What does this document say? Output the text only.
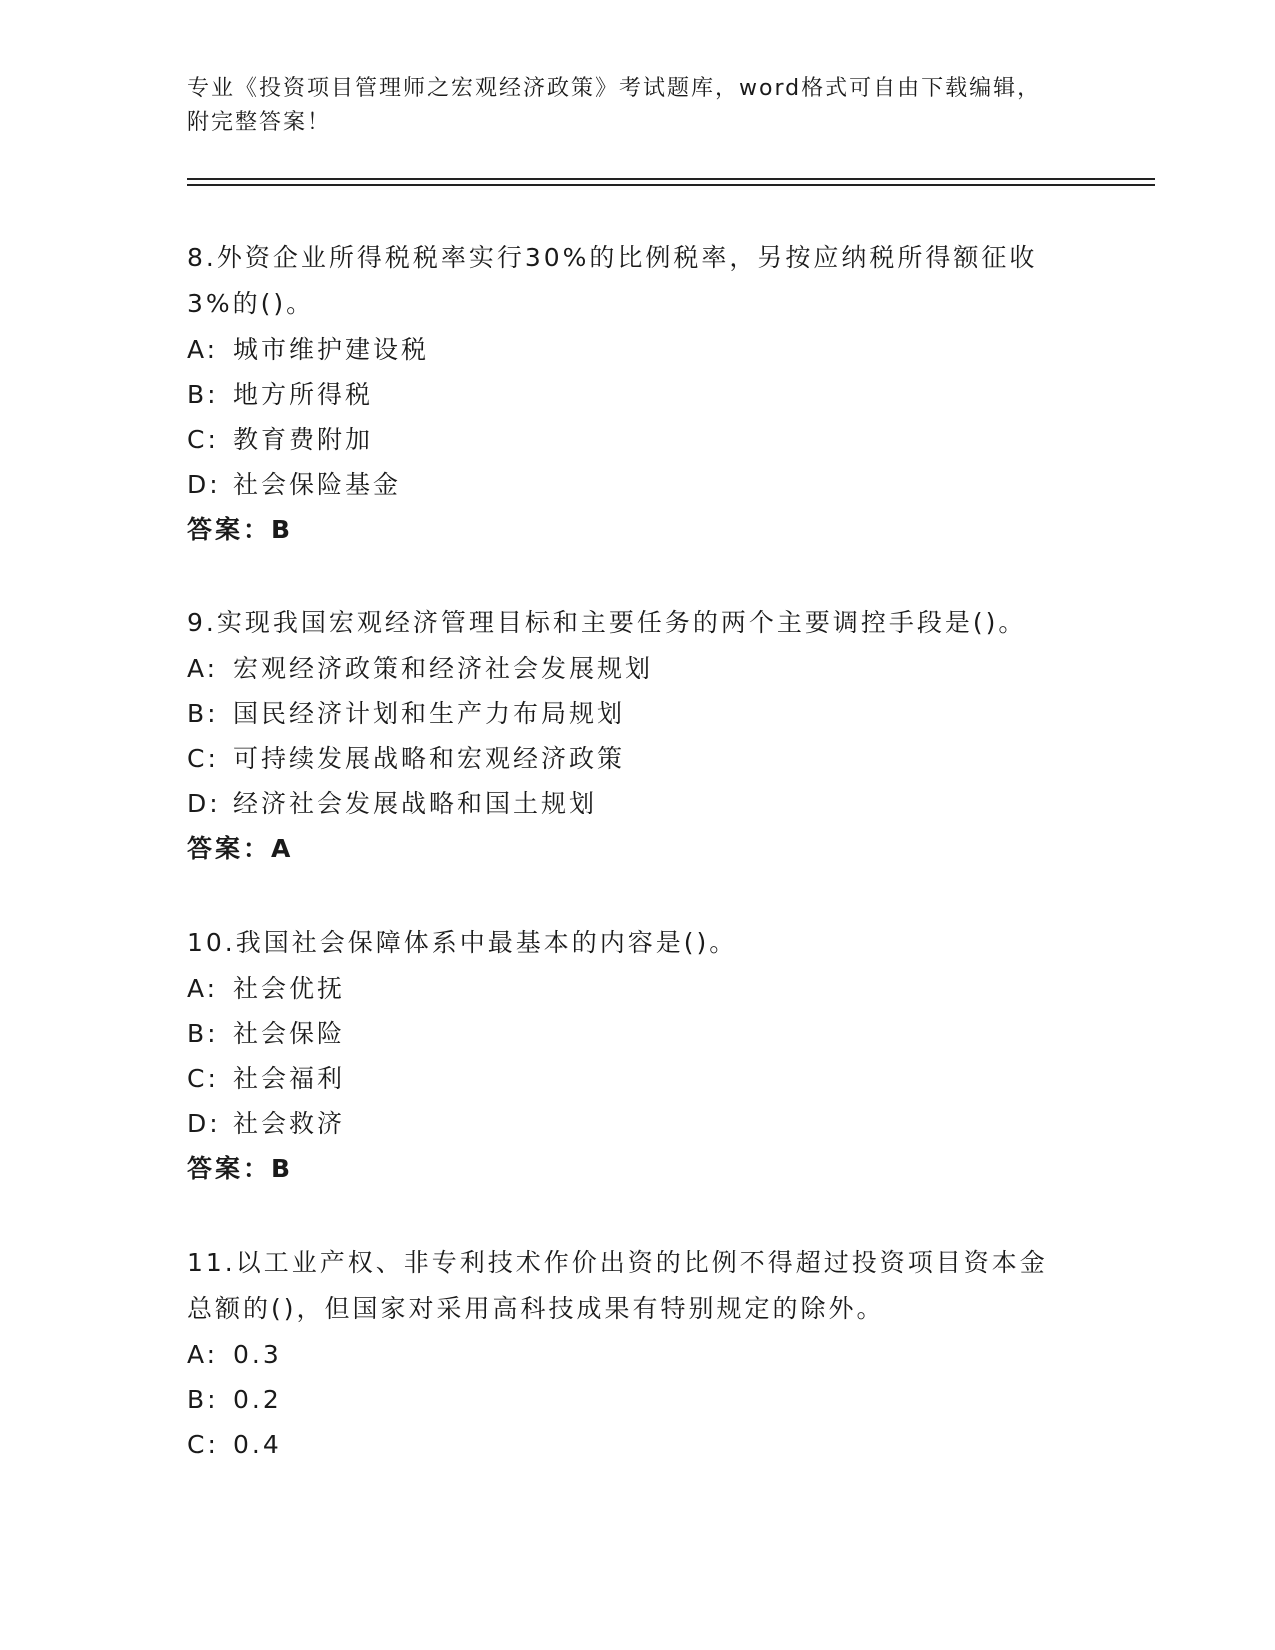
专业《投资项目管理师之宏观经济政策》考试题库，word格式可自由下载编辑，
附完整答案！
8.外资企业所得税税率实行30%的比例税率，另按应纳税所得额征收
3%的()。
A: 城市维护建设税
B: 地方所得税
C: 教育费附加
D: 社会保险基金
答案：B
9.实现我国宏观经济管理目标和主要任务的两个主要调控手段是()。
A: 宏观经济政策和经济社会发展规划
B: 国民经济计划和生产力布局规划
C: 可持续发展战略和宏观经济政策
D: 经济社会发展战略和国土规划
答案：A
10.我国社会保障体系中最基本的内容是()。
A: 社会优抚
B: 社会保险
C: 社会福利
D: 社会救济
答案：B
11.以工业产权、非专利技术作价出资的比例不得超过投资项目资本金
总额的()，但国家对采用高科技成果有特别规定的除外。
A: 0.3
B: 0.2
C: 0.4
